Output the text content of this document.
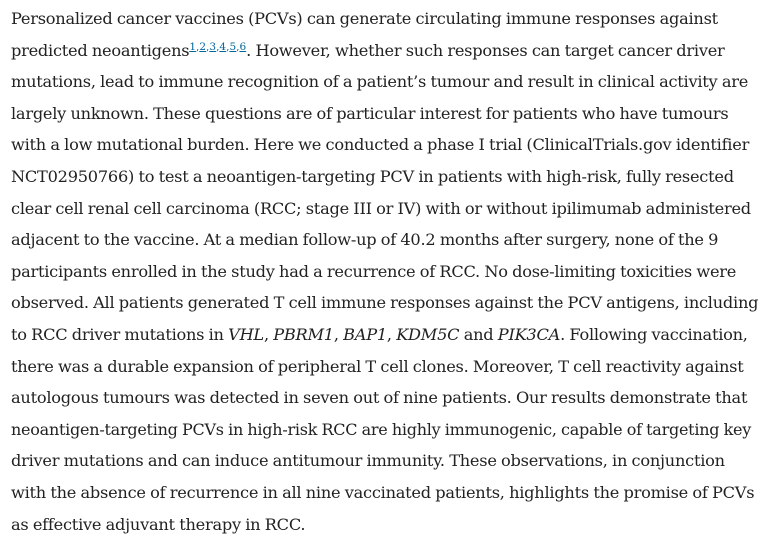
Personalized cancer vaccines (PCVs) can generate circulating immune responses against
predicted neoantigens$^{1,2,3,4,5,6}$. However, whether such responses can target cancer driver
mutations, lead to immune recognition of a patient’s tumour and result in clinical activity are
largely unknown. These questions are of particular interest for patients who have tumours
with a low mutational burden. Here we conducted a phase I trial (ClinicalTrials.gov identifier
NCT02950766) to test a neoantigen-targeting PCV in patients with high-risk, fully resected
clear cell renal cell carcinoma (RCC; stage III or IV) with or without ipilimumab administered
adjacent to the vaccine. At a median follow-up of 40.2 months after surgery, none of the 9
participants enrolled in the study had a recurrence of RCC. No dose-limiting toxicities were
observed. All patients generated T cell immune responses against the PCV antigens, including
to RCC driver mutations in VHL, PBRM1, BAP1, KDM5C and PIK3CA. Following vaccination,
there was a durable expansion of peripheral T cell clones. Moreover, T cell reactivity against
autologous tumours was detected in seven out of nine patients. Our results demonstrate that
neoantigen-targeting PCVs in high-risk RCC are highly immunogenic, capable of targeting key
driver mutations and can induce antitumour immunity. These observations, in conjunction
with the absence of recurrence in all nine vaccinated patients, highlights the promise of PCVs
as effective adjuvant therapy in RCC.
